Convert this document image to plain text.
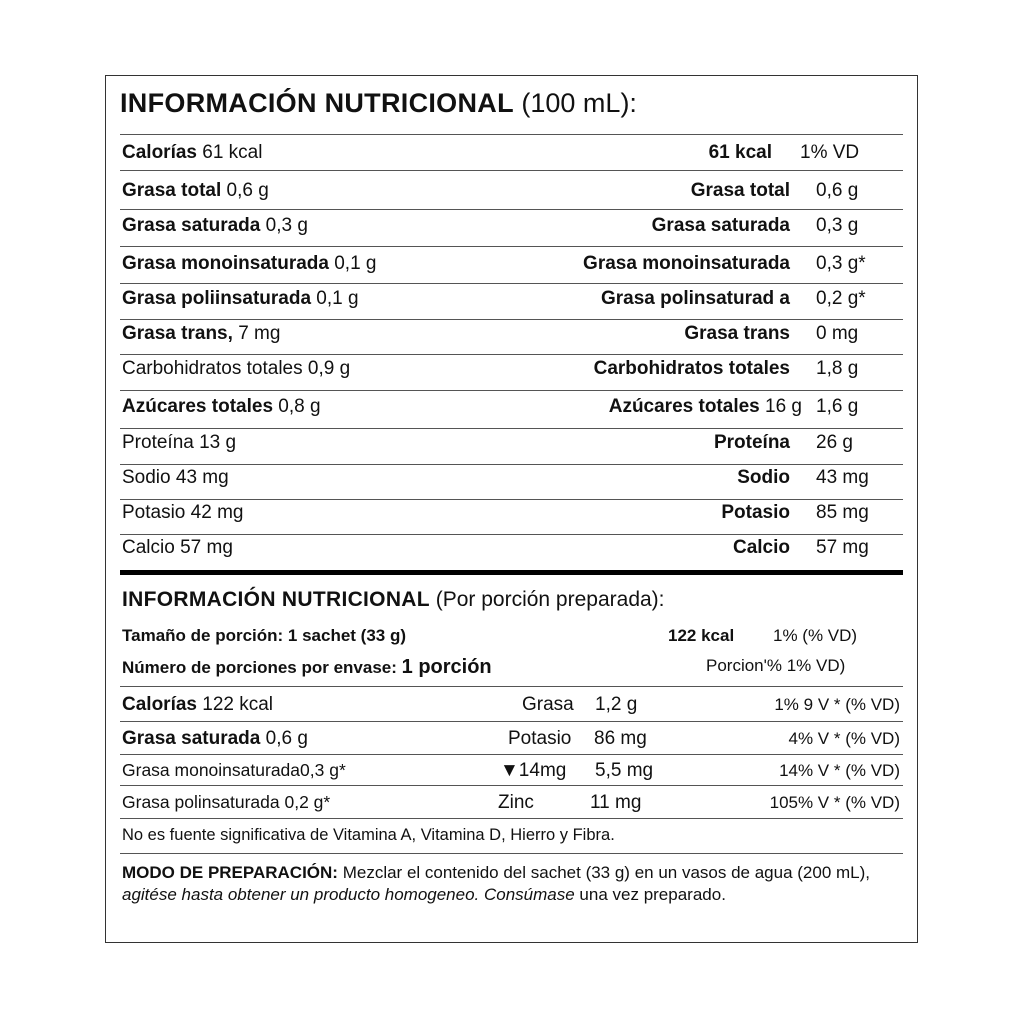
INFORMACIÓN NUTRICIONAL (100 mL):
Calorías 61 kcal	61 kcal 1% VD
Grasa total 0,6 g	Grasa total 0,6 g
Grasa saturada 0,3 g	Grasa saturada 0,3 g
Grasa monoinsaturada 0,1 g	Grasa monoinsaturada 0,3 g*
Grasa poliinsaturada 0,1 g	Grasa polinsaturad a 0,2 g*
Grasa trans, 7 mg	Grasa trans 0 mg
Carbohidratos totales 0,9 g	Carbohidratos totales 1,8 g
Azúcares totales 0,8 g	Azúcares totales 16 g 1,6 g
Proteína 13 g	Proteína 26 g
Sodio 43 mg	Sodio 43 mg
Potasio 42 mg	Potasio 85 mg
Calcio 57 mg	Calcio 57 mg
INFORMACIÓN NUTRICIONAL (Por porción preparada):
Tamaño de porción: 1 sachet (33 g)	122 kcal 1% (% VD)
Número de porciones por envase: 1 porción	Porcion'% 1% VD)
Calorías 122 kcal	Grasa 1,2 g	1% 9 V * (% VD)
Grasa saturada 0,6 g	Potasio 86 mg	4% V * (% VD)
Grasa monoinsaturada0,3 g*	▼14mg 5,5 mg	14% V * (% VD)
Grasa polinsaturada 0,2 g*	Zinc	11 mg	105% V * (% VD)
No es fuente significativa de Vitamina A, Vitamina D, Hierro y Fibra.
MODO DE PREPARACIÓN: Mezclar el contenido del sachet (33 g) en un vasos de agua (200 mL), agitése hasta obtener un producto homogeneo. Consúmase una vez preparado.
